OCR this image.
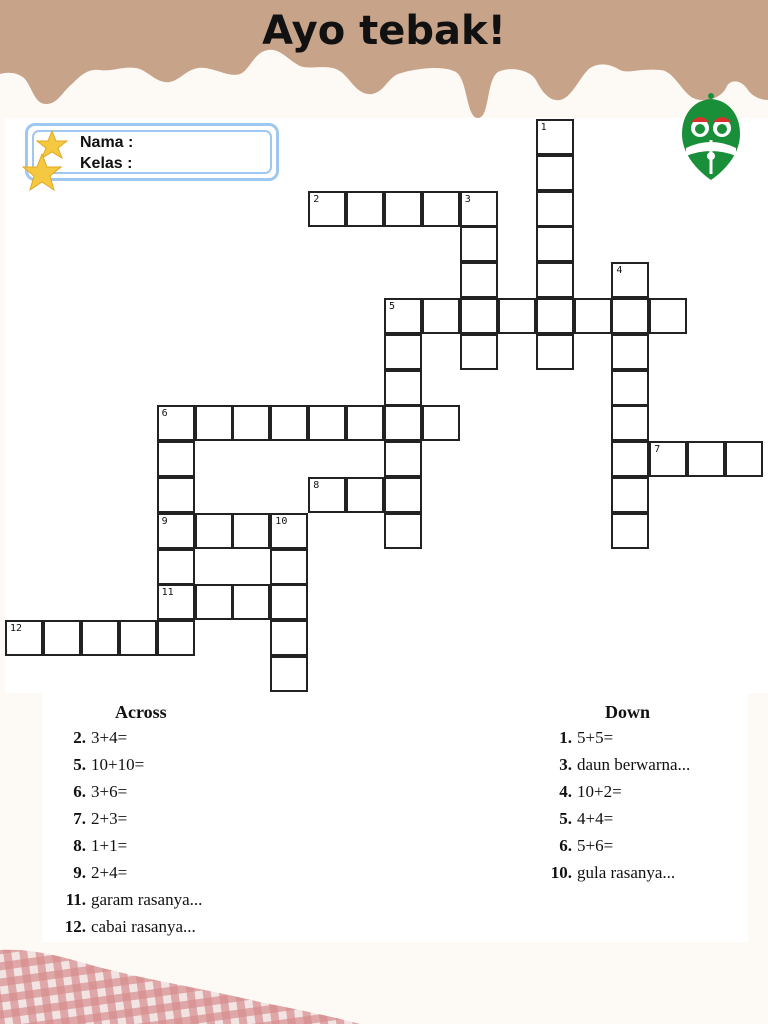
Ayo tebak!
Nama :
Kelas :
1
2	3
4
5
6
9
11
7
8
10
12
Across	Down
2. 3+4=
5. 10+10=
6. 3+6=
7. 2+3=
8. 1+1=
9. 2+4=
11. garam rasanya...
12. cabai rasanya...
1. 5+5=
3. daun berwarna...
4. 10+2=
5. 4+4=
6. 5+6=
10. gula rasanya...
